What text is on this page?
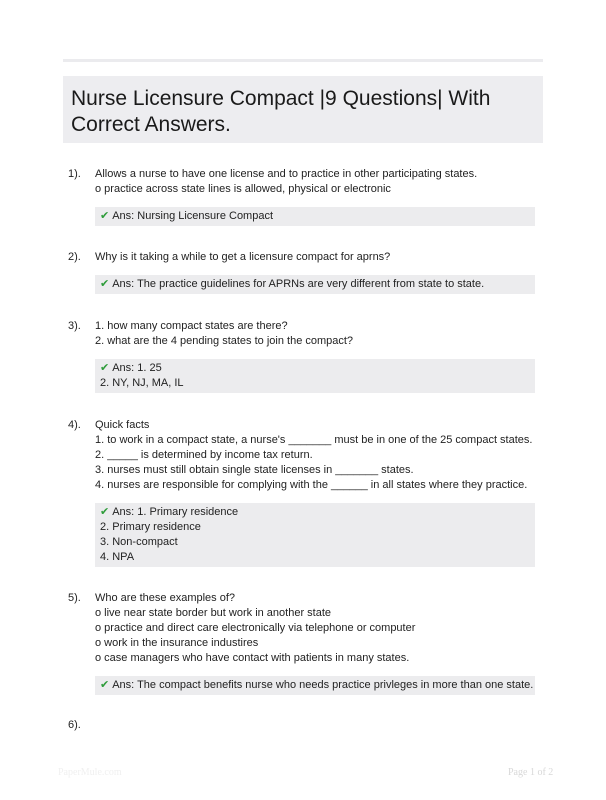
Nurse Licensure Compact |9 Questions| With Correct Answers.
1). Allows a nurse to have one license and to practice in other participating states.
o practice across state lines is allowed, physical or electronic
✔ Ans: Nursing Licensure Compact
2). Why is it taking a while to get a licensure compact for aprns?
✔ Ans: The practice guidelines for APRNs are very different from state to state.
3). 1. how many compact states are there?
2. what are the 4 pending states to join the compact?
✔ Ans: 1. 25
2. NY, NJ, MA, IL
4). Quick facts
1. to work in a compact state, a nurse's _______ must be in one of the 25 compact states.
2. _____ is determined by income tax return.
3. nurses must still obtain single state licenses in _______ states.
4. nurses are responsible for complying with the ______ in all states where they practice.
✔ Ans: 1. Primary residence
2. Primary residence
3. Non-compact
4. NPA
5). Who are these examples of?
o live near state border but work in another state
o practice and direct care electronically via telephone or computer
o work in the insurance industires
o case managers who have contact with patients in many states.
✔ Ans: The compact benefits nurse who needs practice privleges in more than one state.
6).
PaperMule.com	Page 1 of 2
